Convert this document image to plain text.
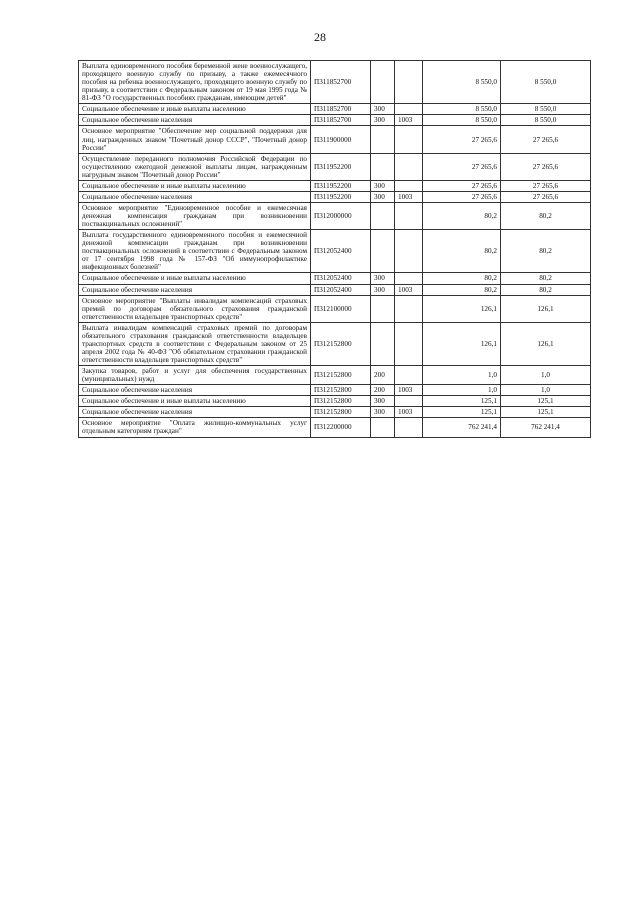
28
Выплата единовременного пособия беременной жене военнослужащего, проходящего военную службу по призыву, а также ежемесячного пособия на ребенка военнослужащего, проходящего военную службу по призыву, в соответствии с Федеральным законом от 19 мая 1995 года № 81-ФЗ "О государственных пособиях гражданам, имеющим детей"	П311852700			8 550,0	8 550,0
Социальное обеспечение и иные выплаты населению	П311852700	300		8 550,0	8 550,0
Социальное обеспечение населения	П311852700	300	1003	8 550,0	8 550,0
Основное мероприятие "Обеспечение мер социальной поддержки для лиц, награжденных знаком "Почетный донор СССР", "Почетный донор России"	П311900000			27 265,6	27 265,6
Осуществление переданного полномочия Российской Федерации по осуществлению ежегодной денежной выплаты лицам, награжденным нагрудным знаком "Почетный донор России"	П311952200			27 265,6	27 265,6
Социальное обеспечение и иные выплаты населению	П311952200	300		27 265,6	27 265,6
Социальное обеспечение населения	П311952200	300	1003	27 265,6	27 265,6
Основное мероприятие "Единовременное пособие и ежемесячная денежная компенсация гражданам при возникновении поствакцинальных осложнений"	П312000000			80,2	80,2
Выплата государственного единовременного пособия и ежемесячной денежной компенсации гражданам при возникновении поствакцинальных осложнений в соответствии с Федеральным законом от 17 сентября 1998 года № 157-ФЗ "Об иммунопрофилактике инфекционных болезней"	П312052400			80,2	80,2
Социальное обеспечение и иные выплаты населению	П312052400	300		80,2	80,2
Социальное обеспечение населения	П312052400	300	1003	80,2	80,2
Основное мероприятие "Выплаты инвалидам компенсаций страховых премий по договорам обязательного страхования гражданской ответственности владельцев транспортных средств"	П312100000			126,1	126,1
Выплата инвалидам компенсаций страховых премий по договорам обязательного страхования гражданской ответственности владельцев транспортных средств в соответствии с Федеральным законом от 25 апреля 2002 года № 40-ФЗ "Об обязательном страховании гражданской ответственности владельцев транспортных средств"	П312152800			126,1	126,1
Закупка товаров, работ и услуг для обеспечения государственных (муниципальных) нужд	П312152800	200		1,0	1,0
Социальное обеспечение населения	П312152800	200	1003	1,0	1,0
Социальное обеспечение и иные выплаты населению	П312152800	300		125,1	125,1
Социальное обеспечение населения	П312152800	300	1003	125,1	125,1
Основное мероприятие "Оплата жилищно-коммунальных услуг отдельным категориям граждан"	П312200000			762 241,4	762 241,4
